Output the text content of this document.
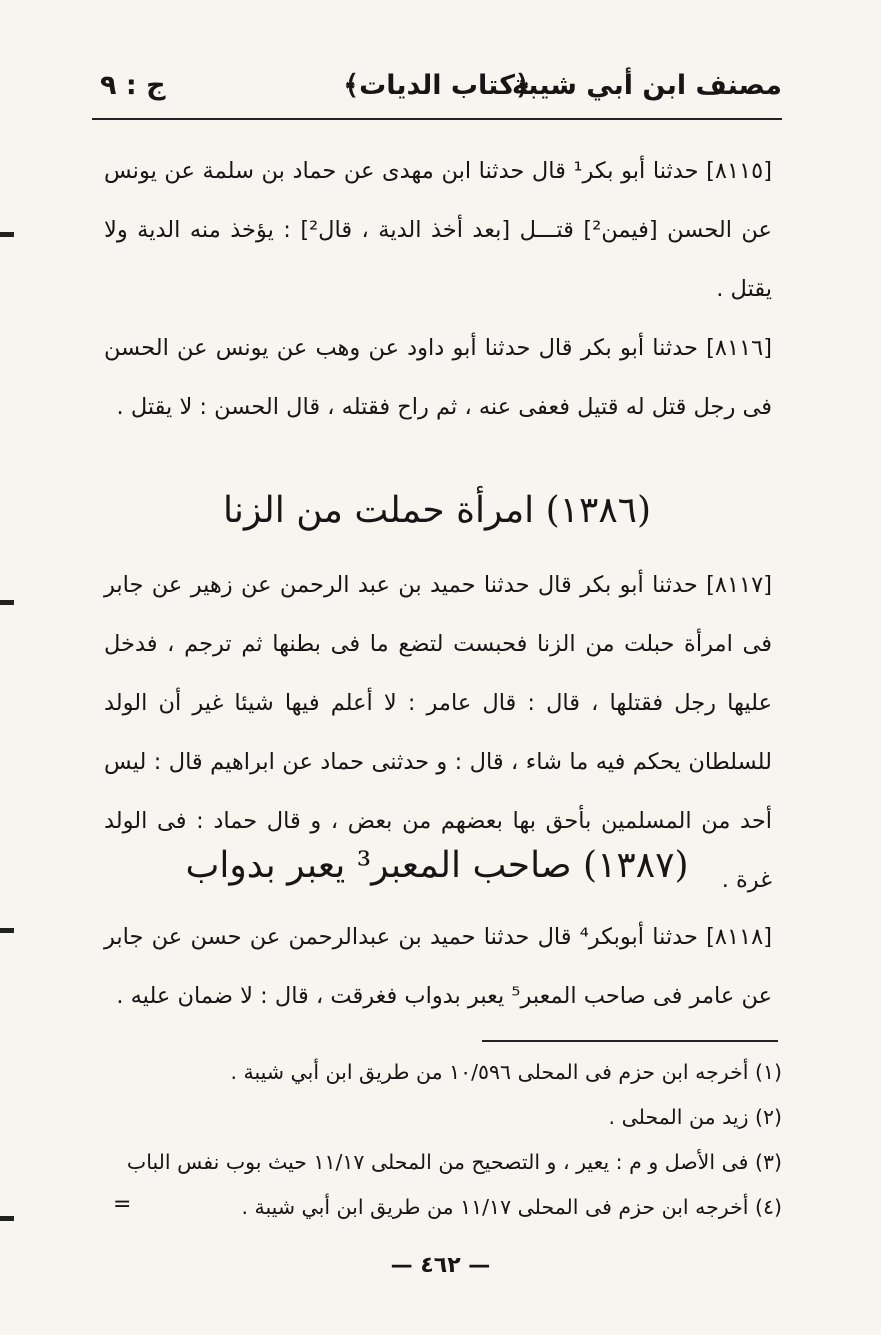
مصنف ابن أبي شيبة
﴿كتاب الديات﴾
ج : ٩

[٨١١٥] حدثنا أبو بكر¹ قال حدثنا ابن مهدى عن حماد بن سلمة عن يونس عن الحسن [فيمن²] قتـــل [بعد أخذ الدية ، قال²] : يؤخذ منه الدية ولا يقتل .

[٨١١٦] حدثنا أبو بكر قال حدثنا أبو داود عن وهب عن يونس عن الحسن فى رجل قتل له قتيل فعفى عنه ، ثم راح فقتله ، قال الحسن : لا يقتل .

(١٣٨٦) امرأة حملت من الزنا

[٨١١٧] حدثنا أبو بكر قال حدثنا حميد بن عبد الرحمن عن زهير عن جابر فى امرأة حبلت من الزنا فحبست لتضع ما فى بطنها ثم ترجم ، فدخل عليها رجل فقتلها ، قال : قال عامر : لا أعلم فيها شيئا غير أن الولد للسلطان يحكم فيه ما شاء ، قال : و حدثنى حماد عن ابراهيم قال : ليس أحد من المسلمين بأحق بها بعضهم من بعض ، و قال حماد : فى الولد غرة .

(١٣٨٧) صاحب المعبر³ يعبر بدواب

[٨١١٨] حدثنا أبوبكر⁴ قال حدثنا حميد بن عبدالرحمن عن حسن عن جابر عن عامر فى صاحب المعبر⁵ يعبر بدواب فغرقت ، قال : لا ضمان عليه .

(١) أخرجه ابن حزم فى المحلى ١٠/٥٩٦ من طريق ابن أبي شيبة .
(٢) زيد من المحلى .
(٣) فى الأصل و م : يعير ، و التصحيح من المحلى ١١/١٧ حيث بوب نفس الباب
(٤) أخرجه ابن حزم فى المحلى ١١/١٧ من طريق ابن أبي شيبة .
=
— ٤٦٢ —
